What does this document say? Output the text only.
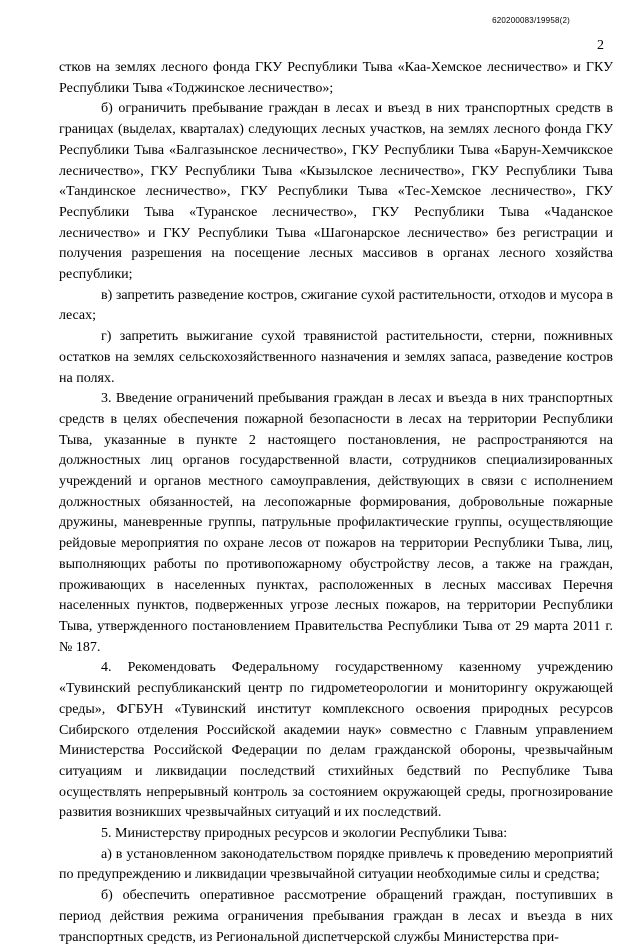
620200083/19958(2)
2

стков на землях лесного фонда ГКУ Республики Тыва «Каа-Хемское лесничество» и ГКУ Республики Тыва «Тоджинское лесничество»;

б) ограничить пребывание граждан в лесах и въезд в них транспортных средств в границах (выделах, кварталах) следующих лесных участков, на землях лесного фонда ГКУ Республики Тыва «Балгазынское лесничество», ГКУ Республики Тыва «Барун-Хемчикское лесничество», ГКУ Республики Тыва «Кызылское лесничество», ГКУ Республики Тыва «Тандинское лесничество», ГКУ Республики Тыва «Тес-Хемское лесничество», ГКУ Республики Тыва «Туранское лесничество», ГКУ Республики Тыва «Чаданское лесничество» и ГКУ Республики Тыва «Шагонарское лесничество» без регистрации и получения разрешения на посещение лесных массивов в органах лесного хозяйства республики;

в) запретить разведение костров, сжигание сухой растительности, отходов и мусора в лесах;

г) запретить выжигание сухой травянистой растительности, стерни, пожнивных остатков на землях сельскохозяйственного назначения и землях запаса, разведение костров на полях.

3. Введение ограничений пребывания граждан в лесах и въезда в них транспортных средств в целях обеспечения пожарной безопасности в лесах на территории Республики Тыва, указанные в пункте 2 настоящего постановления, не распространяются на должностных лиц органов государственной власти, сотрудников специализированных учреждений и органов местного самоуправления, действующих в связи с исполнением должностных обязанностей, на лесопожарные формирования, добровольные пожарные дружины, маневренные группы, патрульные профилактические группы, осуществляющие рейдовые мероприятия по охране лесов от пожаров на территории Республики Тыва, лиц, выполняющих работы по противопожарному обустройству лесов, а также на граждан, проживающих в населенных пунктах, расположенных в лесных массивах Перечня населенных пунктов, подверженных угрозе лесных пожаров, на территории Республики Тыва, утвержденного постановлением Правительства Республики Тыва от 29 марта 2011 г. № 187.

4. Рекомендовать Федеральному государственному казенному учреждению «Тувинский республиканский центр по гидрометеорологии и мониторингу окружающей среды», ФГБУН «Тувинский институт комплексного освоения природных ресурсов Сибирского отделения Российской академии наук» совместно с Главным управлением Министерства Российской Федерации по делам гражданской обороны, чрезвычайным ситуациям и ликвидации последствий стихийных бедствий по Республике Тыва осуществлять непрерывный контроль за состоянием окружающей среды, прогнозирование развития возникших чрезвычайных ситуаций и их последствий.

5. Министерству природных ресурсов и экологии Республики Тыва:

а) в установленном законодательством порядке привлечь к проведению мероприятий по предупреждению и ликвидации чрезвычайной ситуации необходимые силы и средства;

б) обеспечить оперативное рассмотрение обращений граждан, поступивших в период действия режима ограничения пребывания граждан в лесах и въезда в них транспортных средств, из Региональной диспетчерской службы Министерства при-
